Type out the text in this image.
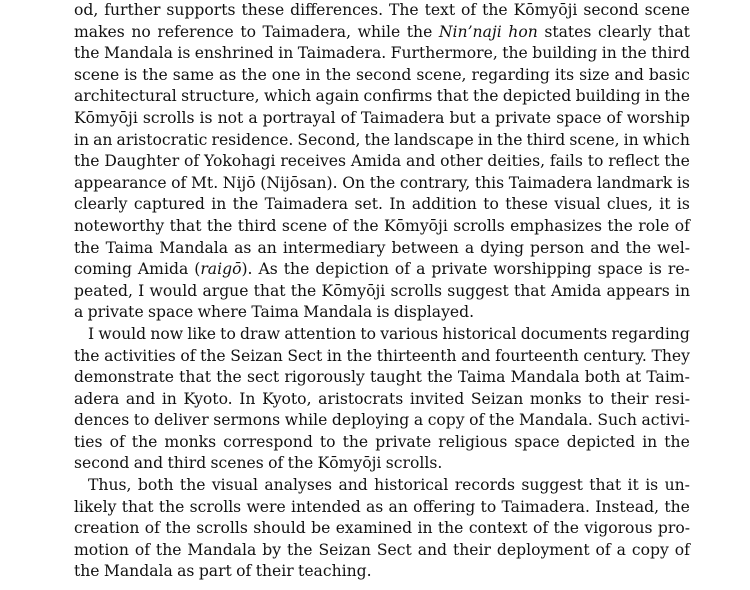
od, further supports these differences. The text of the Kōmyōji second scene
makes no reference to Taimadera, while the Nin’naji hon states clearly that
the Mandala is enshrined in Taimadera. Furthermore, the building in the third
scene is the same as the one in the second scene, regarding its size and basic
architectural structure, which again confirms that the depicted building in the
Kōmyōji scrolls is not a portrayal of Taimadera but a private space of worship
in an aristocratic residence. Second, the landscape in the third scene, in which
the Daughter of Yokohagi receives Amida and other deities, fails to reflect the
appearance of Mt. Nijō (Nijōsan). On the contrary, this Taimadera landmark is
clearly captured in the Taimadera set. In addition to these visual clues, it is
noteworthy that the third scene of the Kōmyōji scrolls emphasizes the role of
the Taima Mandala as an intermediary between a dying person and the wel-
coming Amida (raigō). As the depiction of a private worshipping space is re-
peated, I would argue that the Kōmyōji scrolls suggest that Amida appears in
a private space where Taima Mandala is displayed.
I would now like to draw attention to various historical documents regarding
the activities of the Seizan Sect in the thirteenth and fourteenth century. They
demonstrate that the sect rigorously taught the Taima Mandala both at Taim-
adera and in Kyoto. In Kyoto, aristocrats invited Seizan monks to their resi-
dences to deliver sermons while deploying a copy of the Mandala. Such activi-
ties of the monks correspond to the private religious space depicted in the
second and third scenes of the Kōmyōji scrolls.
Thus, both the visual analyses and historical records suggest that it is un-
likely that the scrolls were intended as an offering to Taimadera. Instead, the
creation of the scrolls should be examined in the context of the vigorous pro-
motion of the Mandala by the Seizan Sect and their deployment of a copy of
the Mandala as part of their teaching.
